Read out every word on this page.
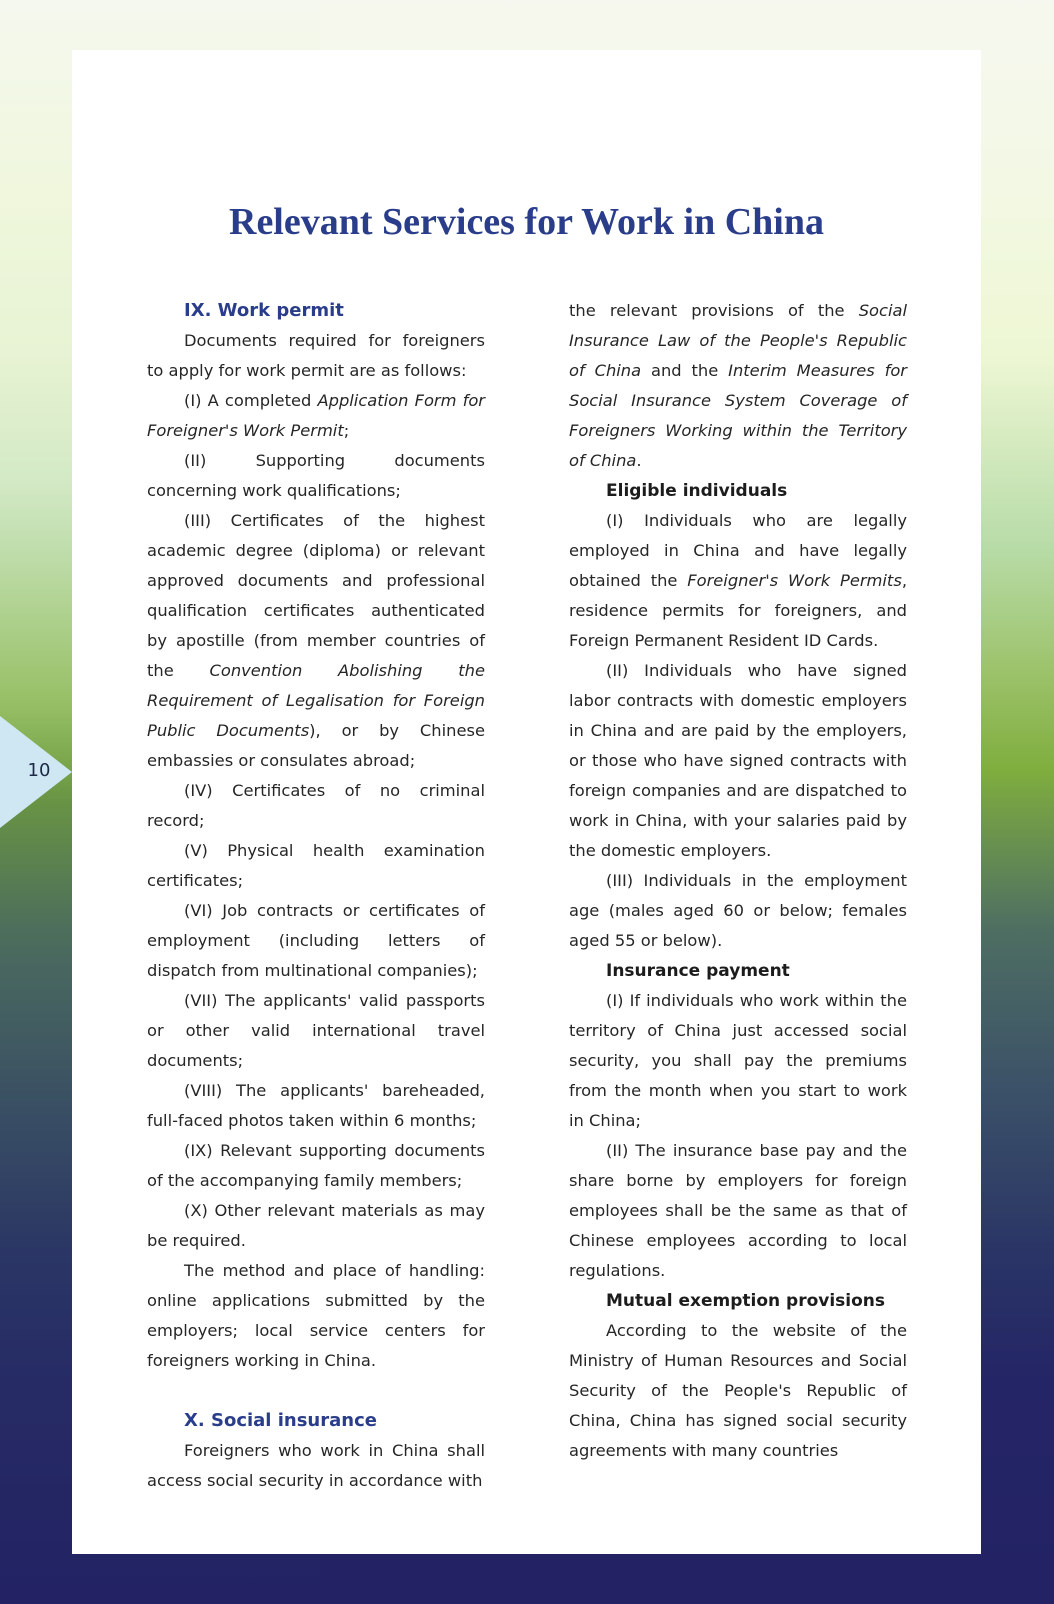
Relevant Services for Work in China
IX. Work permit

Documents required for foreigners to apply for work permit are as follows:

(I) A completed Application Form for Foreigner's Work Permit;

(II) Supporting documents concerning work qualifications;

(III) Certificates of the highest academic degree (diploma) or relevant approved documents and professional qualification certificates authenticated by apostille (from member countries of the Convention Abolishing the Requirement of Legalisation for Foreign Public Documents), or by Chinese embassies or consulates abroad;

(IV) Certificates of no criminal record;

(V) Physical health examination certificates;

(VI) Job contracts or certificates of employment (including letters of dispatch from multinational companies);

(VII) The applicants' valid passports or other valid international travel documents;

(VIII) The applicants' bareheaded, full-faced photos taken within 6 months;

(IX) Relevant supporting documents of the accompanying family members;

(X) Other relevant materials as may be required.

The method and place of handling: online applications submitted by the employers; local service centers for foreigners working in China.

X. Social insurance

Foreigners who work in China shall access social security in accordance with

the relevant provisions of the Social Insurance Law of the People's Republic of China and the Interim Measures for Social Insurance System Coverage of Foreigners Working within the Territory of China.

Eligible individuals

(I) Individuals who are legally employed in China and have legally obtained the Foreigner's Work Permits, residence permits for foreigners, and Foreign Permanent Resident ID Cards.

(II) Individuals who have signed labor contracts with domestic employers in China and are paid by the employers, or those who have signed contracts with foreign companies and are dispatched to work in China, with your salaries paid by the domestic employers.

(III) Individuals in the employment age (males aged 60 or below; females aged 55 or below).

Insurance payment

(I) If individuals who work within the territory of China just accessed social security, you shall pay the premiums from the month when you start to work in China;

(II) The insurance base pay and the share borne by employers for foreign employees shall be the same as that of Chinese employees according to local regulations.

Mutual exemption provisions

According to the website of the Ministry of Human Resources and Social Security of the People's Republic of China, China has signed social security agreements with many countries

10
